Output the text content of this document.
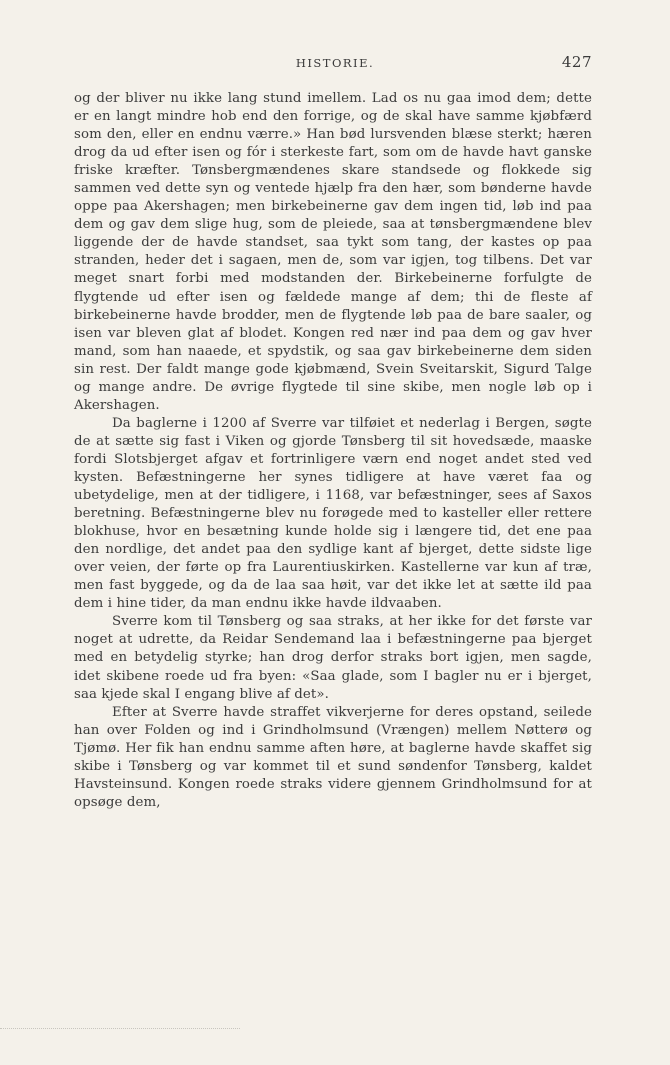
HISTORIE.	427

og der bliver nu ikke lang stund imellem. Lad os nu gaa imod dem; dette er en langt mindre hob end den forrige, og de skal have samme kjøbfærd som den, eller en endnu værre.» Han bød lursvenden blæse sterkt; hæren drog da ud efter isen og fór i sterkeste fart, som om de havde havt ganske friske kræfter. Tønsbergmændenes skare standsede og flokkede sig sammen ved dette syn og ventede hjælp fra den hær, som bønderne havde oppe paa Akershagen; men birkebeinerne gav dem ingen tid, løb ind paa dem og gav dem slige hug, som de pleiede, saa at tønsbergmændene blev liggende der de havde standset, saa tykt som tang, der kastes op paa stranden, heder det i sagaen, men de, som var igjen, tog tilbens. Det var meget snart forbi med modstanden der. Birkebeinerne forfulgte de flygtende ud efter isen og fældede mange af dem; thi de fleste af birkebeinerne havde brodder, men de flygtende løb paa de bare saaler, og isen var bleven glat af blodet. Kongen red nær ind paa dem og gav hver mand, som han naaede, et spydstik, og saa gav birkebeinerne dem siden sin rest. Der faldt mange gode kjøbmænd, Svein Sveitarskit, Sigurd Talge og mange andre. De øvrige flygtede til sine skibe, men nogle løb op i Akershagen.

Da baglerne i 1200 af Sverre var tilføiet et nederlag i Bergen, søgte de at sætte sig fast i Viken og gjorde Tønsberg til sit hovedsæde, maaske fordi Slotsbjerget afgav et fortrinligere værn end noget andet sted ved kysten. Befæstningerne her synes tidligere at have været faa og ubetydelige, men at der tidligere, i 1168, var befæstninger, sees af Saxos beretning. Befæstningerne blev nu forøgede med to kasteller eller rettere blokhuse, hvor en besætning kunde holde sig i længere tid, det ene paa den nordlige, det andet paa den sydlige kant af bjerget, dette sidste lige over veien, der førte op fra Laurentiuskirken. Kastellerne var kun af træ, men fast byggede, og da de laa saa høit, var det ikke let at sætte ild paa dem i hine tider, da man endnu ikke havde ildvaaben.

Sverre kom til Tønsberg og saa straks, at her ikke for det første var noget at udrette, da Reidar Sendemand laa i befæstningerne paa bjerget med en betydelig styrke; han drog derfor straks bort igjen, men sagde, idet skibene roede ud fra byen: «Saa glade, som I bagler nu er i bjerget, saa kjede skal I engang blive af det».

Efter at Sverre havde straffet vikverjerne for deres opstand, seilede han over Folden og ind i Grindholmsund (Vrængen) mellem Nøtterø og Tjømø. Her fik han endnu samme aften høre, at baglerne havde skaffet sig skibe i Tønsberg og var kommet til et sund søndenfor Tønsberg, kaldet Havsteinsund. Kongen roede straks videre gjennem Grindholmsund for at opsøge dem,
